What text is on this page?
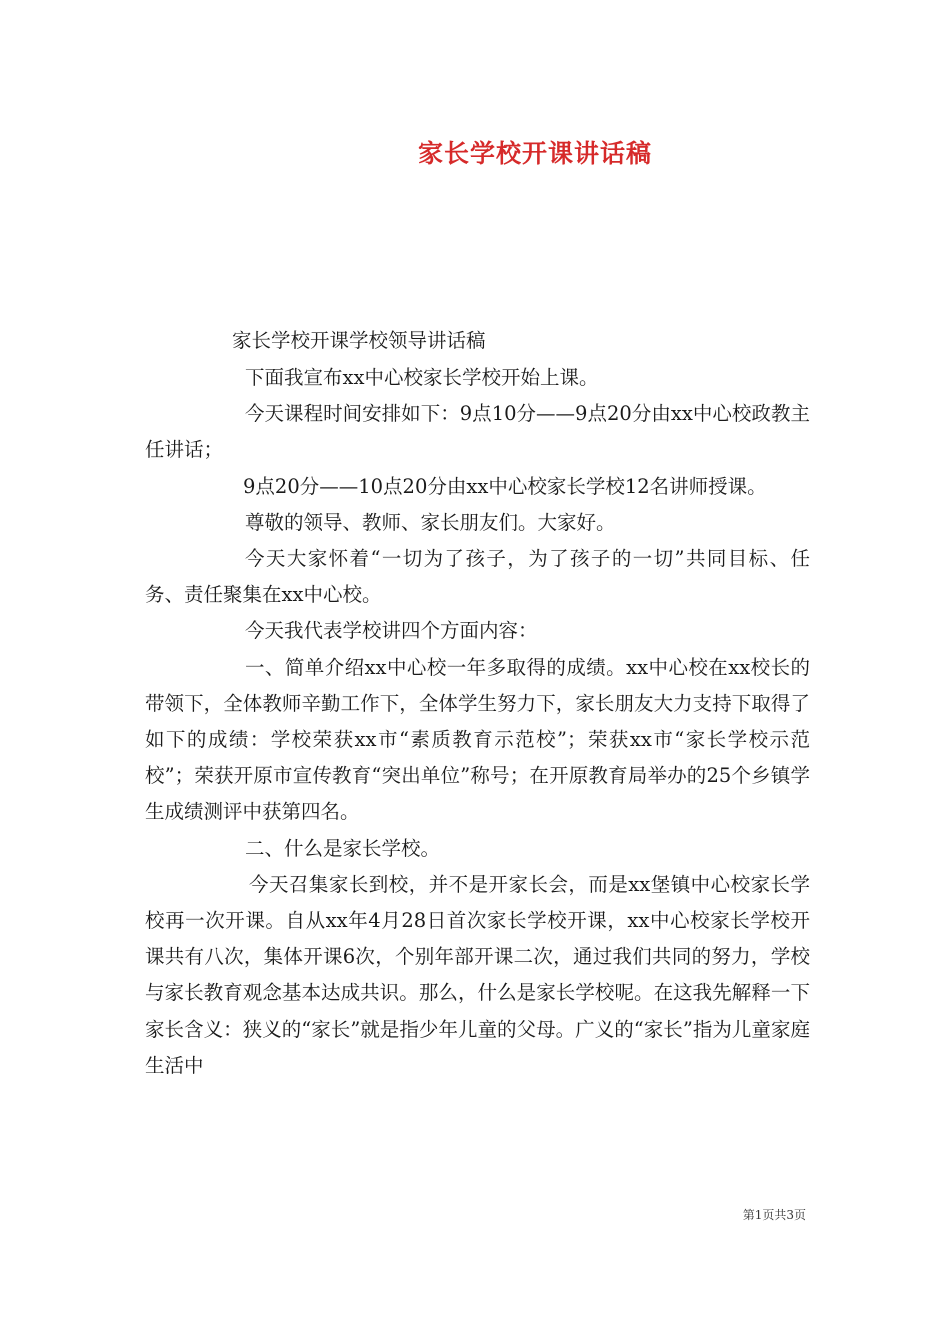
家长学校开课讲话稿

家长学校开课学校领导讲话稿

下面我宣布xx中心校家长学校开始上课。

今天课程时间安排如下：9点10分——9点20分由xx中心校政教主任讲话；

9点20分——10点20分由xx中心校家长学校12名讲师授课。

尊敬的领导、教师、家长朋友们。大家好。

今天大家怀着“一切为了孩子，为了孩子的一切”共同目标、任务、责任聚集在xx中心校。

今天我代表学校讲四个方面内容：

一、简单介绍xx中心校一年多取得的成绩。xx中心校在xx校长的带领下，全体教师辛勤工作下，全体学生努力下，家长朋友大力支持下取得了如下的成绩：学校荣获xx市“素质教育示范校”；荣获xx市“家长学校示范校”；荣获开原市宣传教育“突出单位”称号；在开原教育局举办的25个乡镇学生成绩测评中获第四名。

二、什么是家长学校。

今天召集家长到校，并不是开家长会，而是xx堡镇中心校家长学校再一次开课。自从xx年4月28日首次家长学校开课，xx中心校家长学校开课共有八次，集体开课6次，个别年部开课二次，通过我们共同的努力，学校与家长教育观念基本达成共识。那么，什么是家长学校呢。在这我先解释一下家长含义：狭义的“家长”就是指少年儿童的父母。广义的“家长”指为儿童家庭生活中

第1页共3页
